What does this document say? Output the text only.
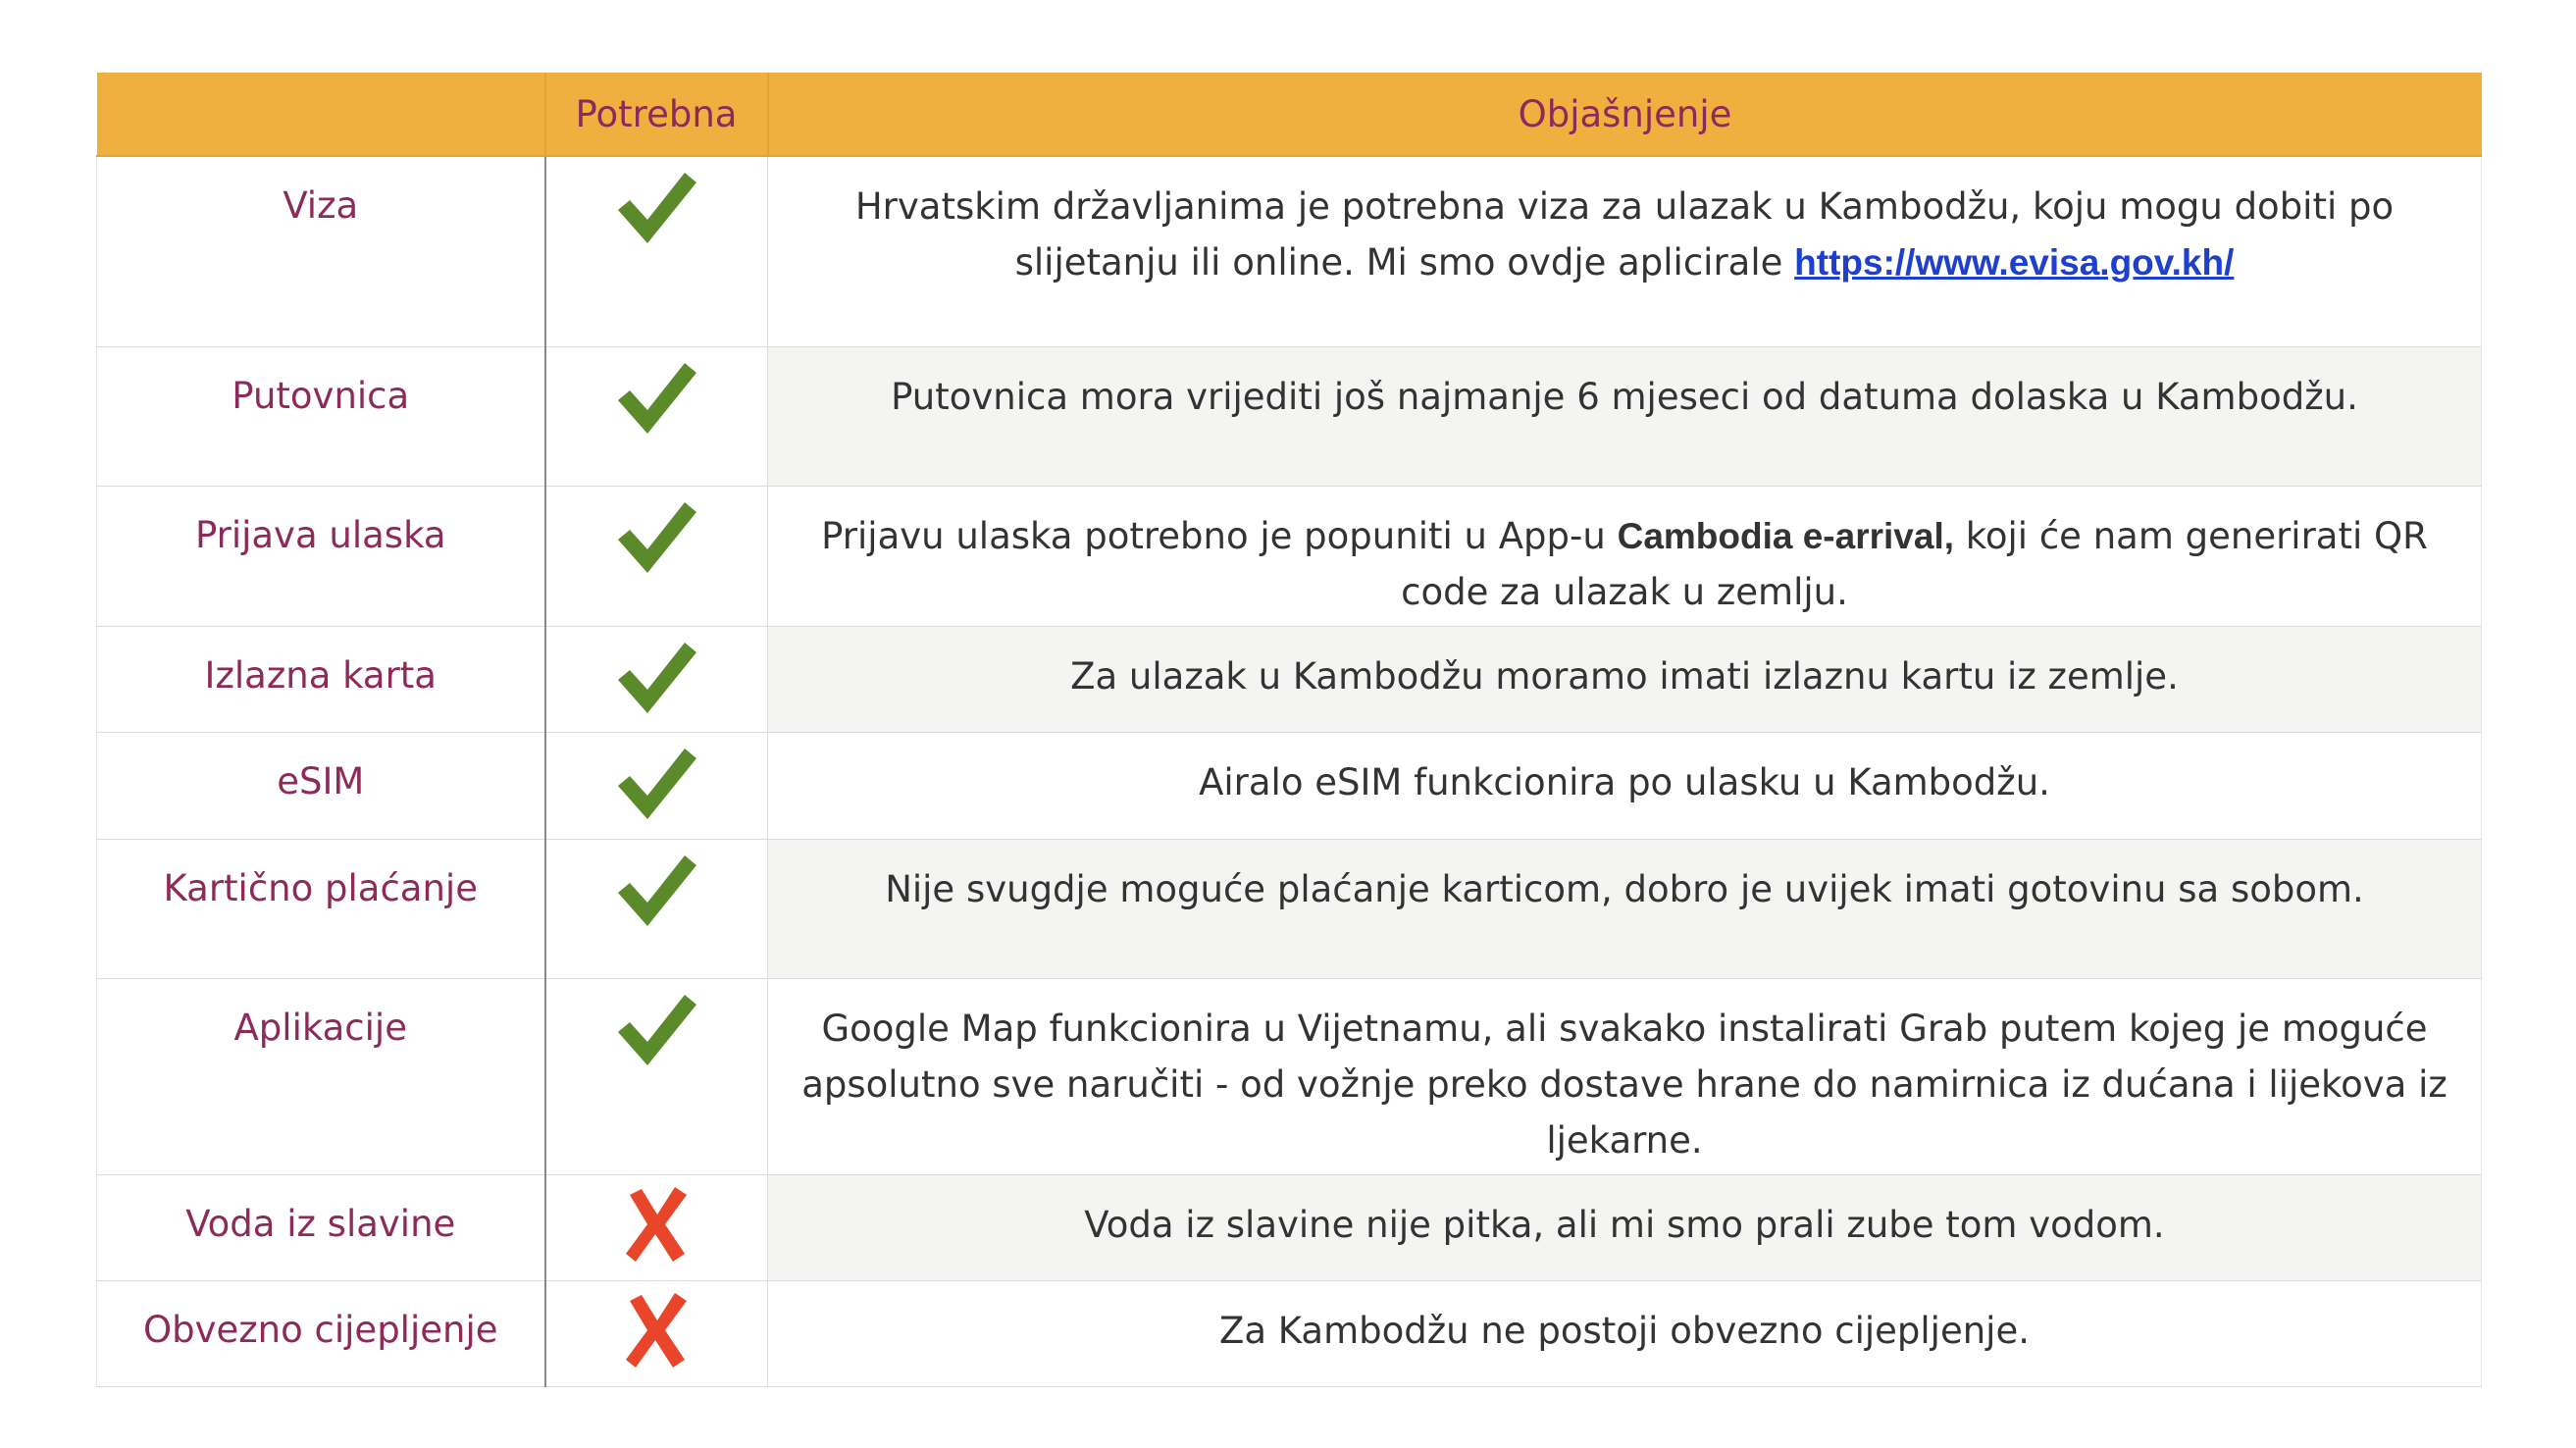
	Potrebna	Objašnjenje
Viza		Hrvatskim državljanima je potrebna viza za ulazak u Kambodžu, koju mogu dobiti po slijetanju ili online. Mi smo ovdje aplicirale https://www.evisa.gov.kh/
Putovnica		Putovnica mora vrijediti još najmanje 6 mjeseci od datuma dolaska u Kambodžu.
Prijava ulaska		Prijavu ulaska potrebno je popuniti u App-u Cambodia e-arrival, koji će nam generirati QR code za ulazak u zemlju.
Izlazna karta		Za ulazak u Kambodžu moramo imati izlaznu kartu iz zemlje.
eSIM		Airalo eSIM funkcionira po ulasku u Kambodžu.
Kartično plaćanje		Nije svugdje moguće plaćanje karticom, dobro je uvijek imati gotovinu sa sobom.
Aplikacije		Google Map funkcionira u Vijetnamu, ali svakako instalirati Grab putem kojeg je moguće apsolutno sve naručiti - od vožnje preko dostave hrane do namirnica iz dućana i lijekova iz ljekarne.
Voda iz slavine		Voda iz slavine nije pitka, ali mi smo prali zube tom vodom.
Obvezno cijepljenje		Za Kambodžu ne postoji obvezno cijepljenje.
